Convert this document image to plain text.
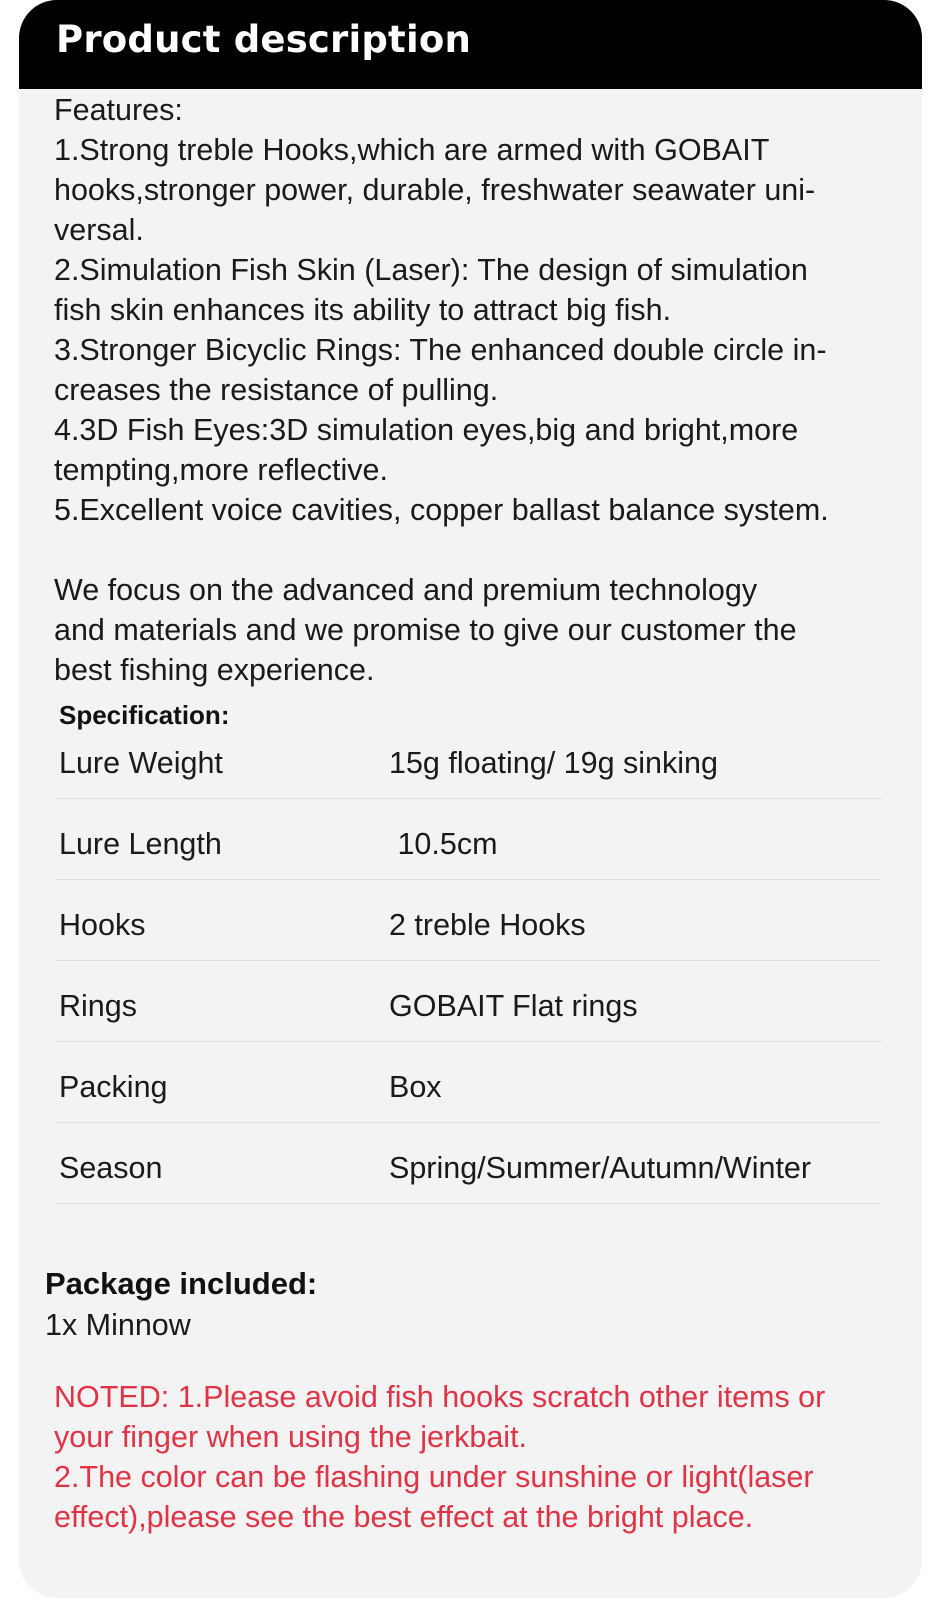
Product description
Features:
1.Strong treble Hooks,which are armed with GOBAIT
hooks,stronger power, durable, freshwater seawater uni-
versal.
2.Simulation Fish Skin (Laser): The design of simulation
fish skin enhances its ability to attract big fish.
3.Stronger Bicyclic Rings: The enhanced double circle in-
creases the resistance of pulling.
4.3D Fish Eyes:3D simulation eyes,big and bright,more
tempting,more reflective.
5.Excellent voice cavities, copper ballast balance system.
We focus on the advanced and premium technology
and materials and we promise to give our customer the
best fishing experience.
Specification:
Lure Weight	15g floating/ 19g sinking
Lure Length	10.5cm
Hooks	2 treble Hooks
Rings	GOBAIT Flat rings
Packing	Box
Season	Spring/Summer/Autumn/Winter
Package included:
1x Minnow
NOTED: 1.Please avoid fish hooks scratch other items or
your finger when using the jerkbait.
2.The color can be flashing under sunshine or light(laser
effect),please see the best effect at the bright place.
